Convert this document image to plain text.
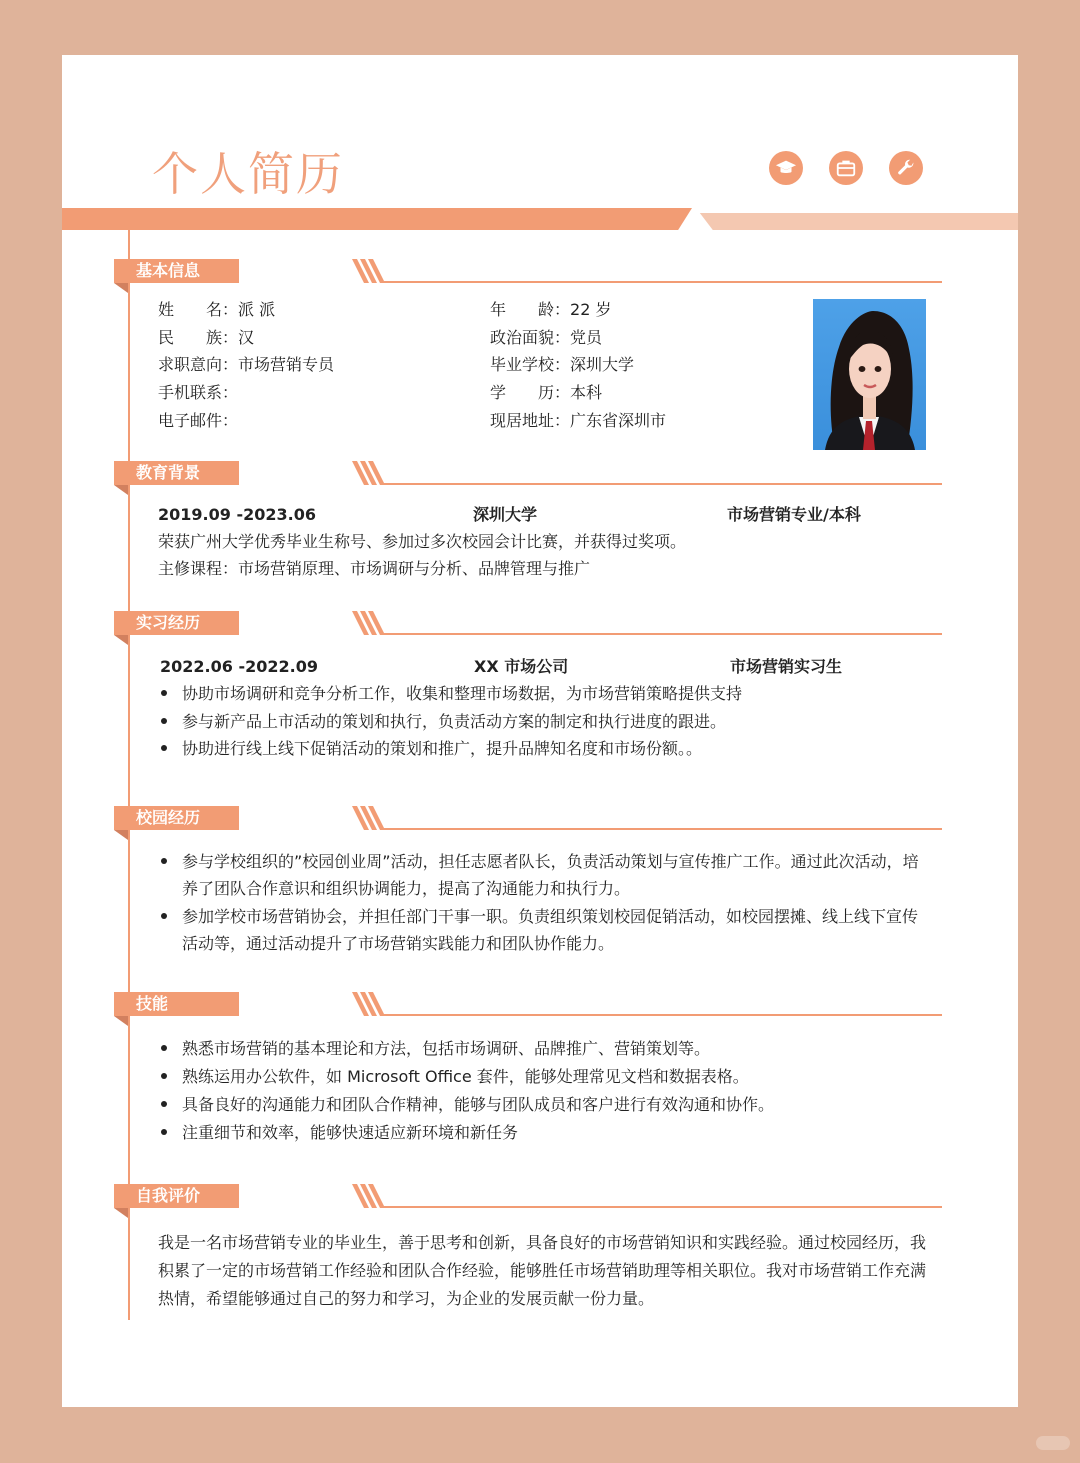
个人简历
基本信息
姓　　名：派 派
民　　族：汉
求职意向：市场营销专员
手机联系：
电子邮件：
年　　龄：22 岁
政治面貌：党员
毕业学校：深圳大学
学　　历：本科
现居地址：广东省深圳市
教育背景
2019.09 -2023.06	深圳大学	市场营销专业/本科
荣获广州大学优秀毕业生称号、参加过多次校园会计比赛，并获得过奖项。
主修课程：市场营销原理、市场调研与分析、品牌管理与推广
实习经历
2022.06 -2022.09	XX 市场公司	市场营销实习生
协助市场调研和竞争分析工作，收集和整理市场数据，为市场营销策略提供支持
参与新产品上市活动的策划和执行，负责活动方案的制定和执行进度的跟进。
协助进行线上线下促销活动的策划和推广，提升品牌知名度和市场份额。。
校园经历
参与学校组织的”校园创业周”活动，担任志愿者队长，负责活动策划与宣传推广工作。通过此次活动，培养了团队合作意识和组织协调能力，提高了沟通能力和执行力。
参加学校市场营销协会，并担任部门干事一职。负责组织策划校园促销活动，如校园摆摊、线上线下宣传活动等，通过活动提升了市场营销实践能力和团队协作能力。
技能
熟悉市场营销的基本理论和方法，包括市场调研、品牌推广、营销策划等。
熟练运用办公软件，如 Microsoft Office 套件，能够处理常见文档和数据表格。
具备良好的沟通能力和团队合作精神，能够与团队成员和客户进行有效沟通和协作。
注重细节和效率，能够快速适应新环境和新任务
自我评价
我是一名市场营销专业的毕业生，善于思考和创新，具备良好的市场营销知识和实践经验。通过校园经历，我积累了一定的市场营销工作经验和团队合作经验，能够胜任市场营销助理等相关职位。我对市场营销工作充满热情，希望能够通过自己的努力和学习，为企业的发展贡献一份力量。
